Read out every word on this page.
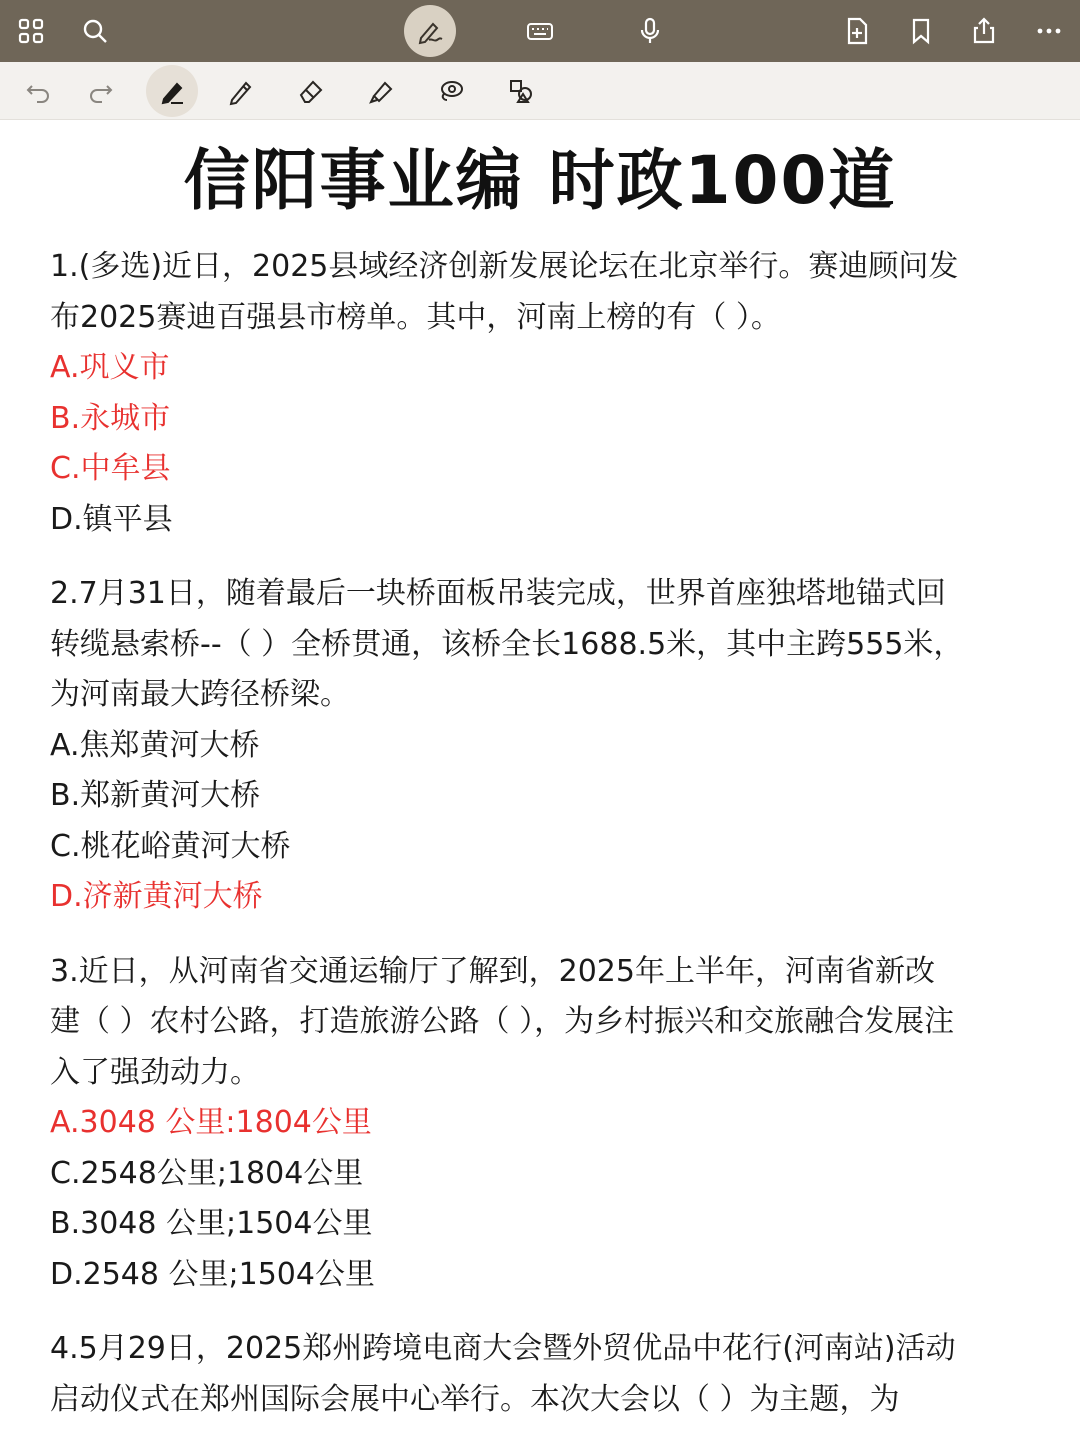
信阳事业编 时政100道
1.(多选)近日，2025县域经济创新发展论坛在北京举行。赛迪顾问发
布2025赛迪百强县市榜单。其中，河南上榜的有（ ）。
A.巩义市
B.永城市
C.中牟县
D.镇平县
2.7月31日，随着最后一块桥面板吊装完成，世界首座独塔地锚式回
转缆悬索桥--（ ）全桥贯通，该桥全长1688.5米，其中主跨555米，
为河南最大跨径桥梁。
A.焦郑黄河大桥
B.郑新黄河大桥
C.桃花峪黄河大桥
D.济新黄河大桥
3.近日，从河南省交通运输厅了解到，2025年上半年，河南省新改
建（ ）农村公路，打造旅游公路（ ），为乡村振兴和交旅融合发展注
入了强劲动力。
A.3048 公里:1804公里
C.2548公里;1804公里
B.3048 公里;1504公里
D.2548 公里;1504公里
4.5月29日，2025郑州跨境电商大会暨外贸优品中花行(河南站)活动
启动仪式在郑州国际会展中心举行。本次大会以（ ）为主题，为
